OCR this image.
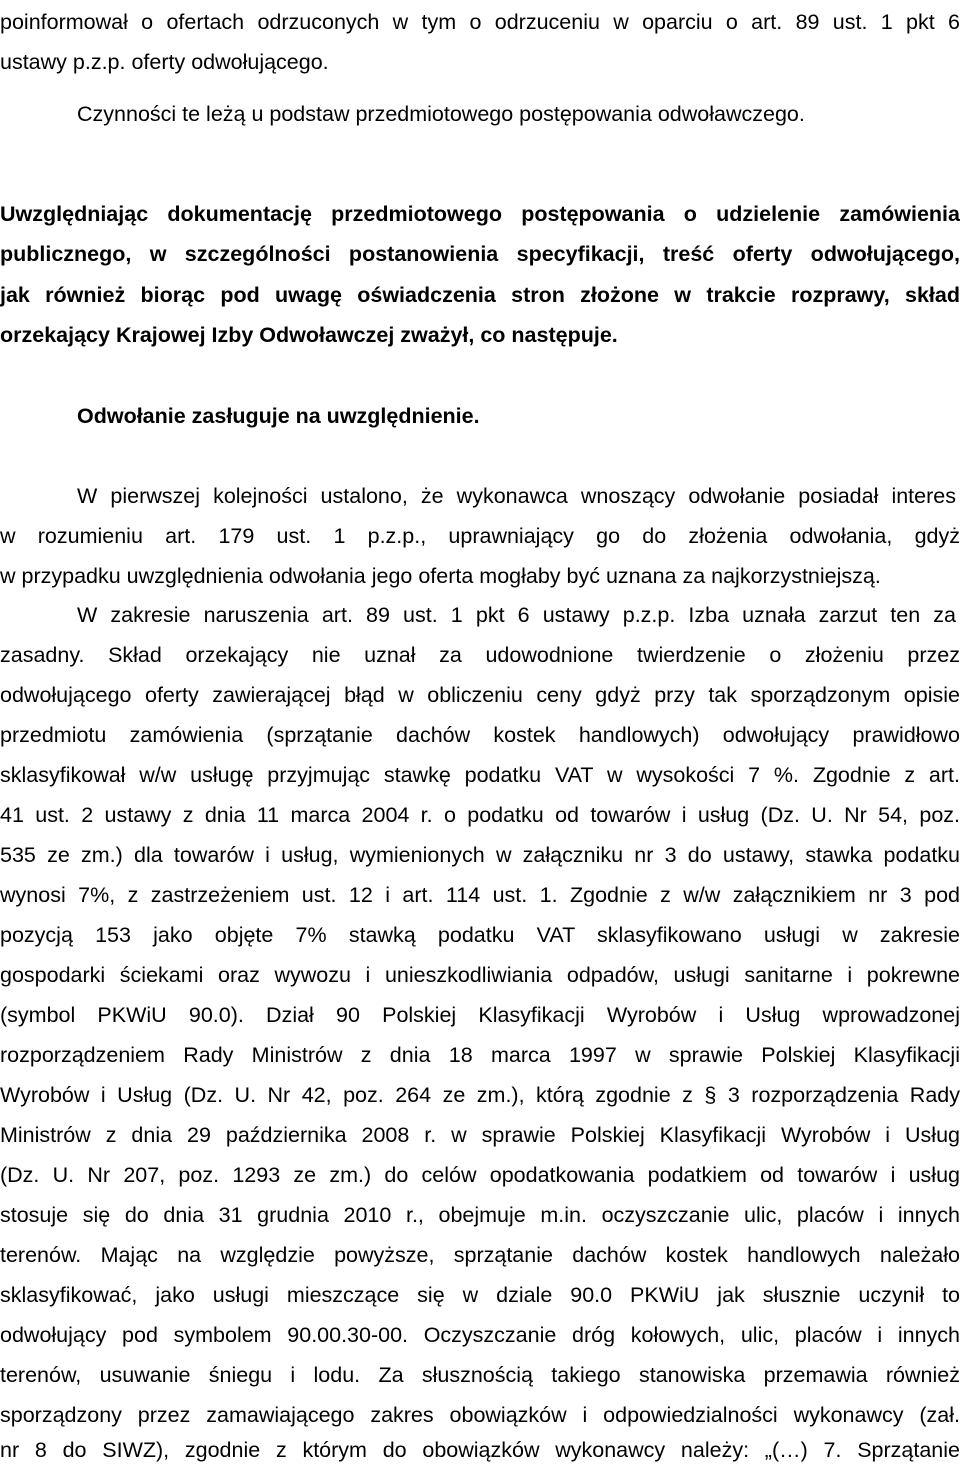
poinformował o ofertach odrzuconych w tym o odrzuceniu w oparciu o art. 89 ust. 1 pkt 6

ustawy p.z.p. oferty odwołującego.

Czynności te leżą u podstaw przedmiotowego postępowania odwoławczego.

Uwzględniając dokumentację przedmiotowego postępowania o udzielenie zamówienia

publicznego, w szczególności postanowienia specyfikacji, treść oferty odwołującego,

jak również biorąc pod uwagę oświadczenia stron złożone w trakcie rozprawy, skład

orzekający Krajowej Izby Odwoławczej zważył, co następuje.

Odwołanie zasługuje na uwzględnienie.

W pierwszej kolejności ustalono, że wykonawca wnoszący odwołanie posiadał interes

w rozumieniu art. 179 ust. 1 p.z.p., uprawniający go do złożenia odwołania, gdyż

w przypadku uwzględnienia odwołania jego oferta mogłaby być uznana za najkorzystniejszą.

W zakresie naruszenia art. 89 ust. 1 pkt 6 ustawy p.z.p. Izba uznała zarzut ten za

zasadny. Skład orzekający nie uznał za udowodnione twierdzenie o złożeniu przez

odwołującego oferty zawierającej błąd w obliczeniu ceny gdyż przy tak sporządzonym opisie

przedmiotu zamówienia (sprzątanie dachów kostek handlowych) odwołujący prawidłowo

sklasyfikował w/w usługę przyjmując stawkę podatku VAT w wysokości 7 %. Zgodnie z art.

41 ust. 2 ustawy z dnia 11 marca 2004 r. o podatku od towarów i usług (Dz. U. Nr 54, poz.

535 ze zm.) dla towarów i usług, wymienionych w załączniku nr 3 do ustawy, stawka podatku

wynosi 7%, z zastrzeżeniem ust. 12 i art. 114 ust. 1. Zgodnie z w/w załącznikiem nr 3 pod

pozycją 153 jako objęte 7% stawką podatku VAT sklasyfikowano usługi w zakresie

gospodarki ściekami oraz wywozu i unieszkodliwiania odpadów, usługi sanitarne i pokrewne

(symbol PKWiU 90.0). Dział 90 Polskiej Klasyfikacji Wyrobów i Usług wprowadzonej

rozporządzeniem Rady Ministrów z dnia 18 marca 1997 w sprawie Polskiej Klasyfikacji

Wyrobów i Usług (Dz. U. Nr 42, poz. 264 ze zm.), którą zgodnie z § 3 rozporządzenia Rady

Ministrów z dnia 29 października 2008 r. w sprawie Polskiej Klasyfikacji Wyrobów i Usług

(Dz. U. Nr 207, poz. 1293 ze zm.) do celów opodatkowania podatkiem od towarów i usług

stosuje się do dnia 31 grudnia 2010 r., obejmuje m.in. oczyszczanie ulic, placów i innych

terenów. Mając na względzie powyższe, sprzątanie dachów kostek handlowych należało

sklasyfikować, jako usługi mieszczące się w dziale 90.0 PKWiU jak słusznie uczynił to

odwołujący pod symbolem 90.00.30-00. Oczyszczanie dróg kołowych, ulic, placów i innych

terenów, usuwanie śniegu i lodu. Za słusznością takiego stanowiska przemawia również

sporządzony przez zamawiającego zakres obowiązków i odpowiedzialności wykonawcy (zał.

nr 8 do SIWZ), zgodnie z którym do obowiązków wykonawcy należy: „(…) 7. Sprzątanie
